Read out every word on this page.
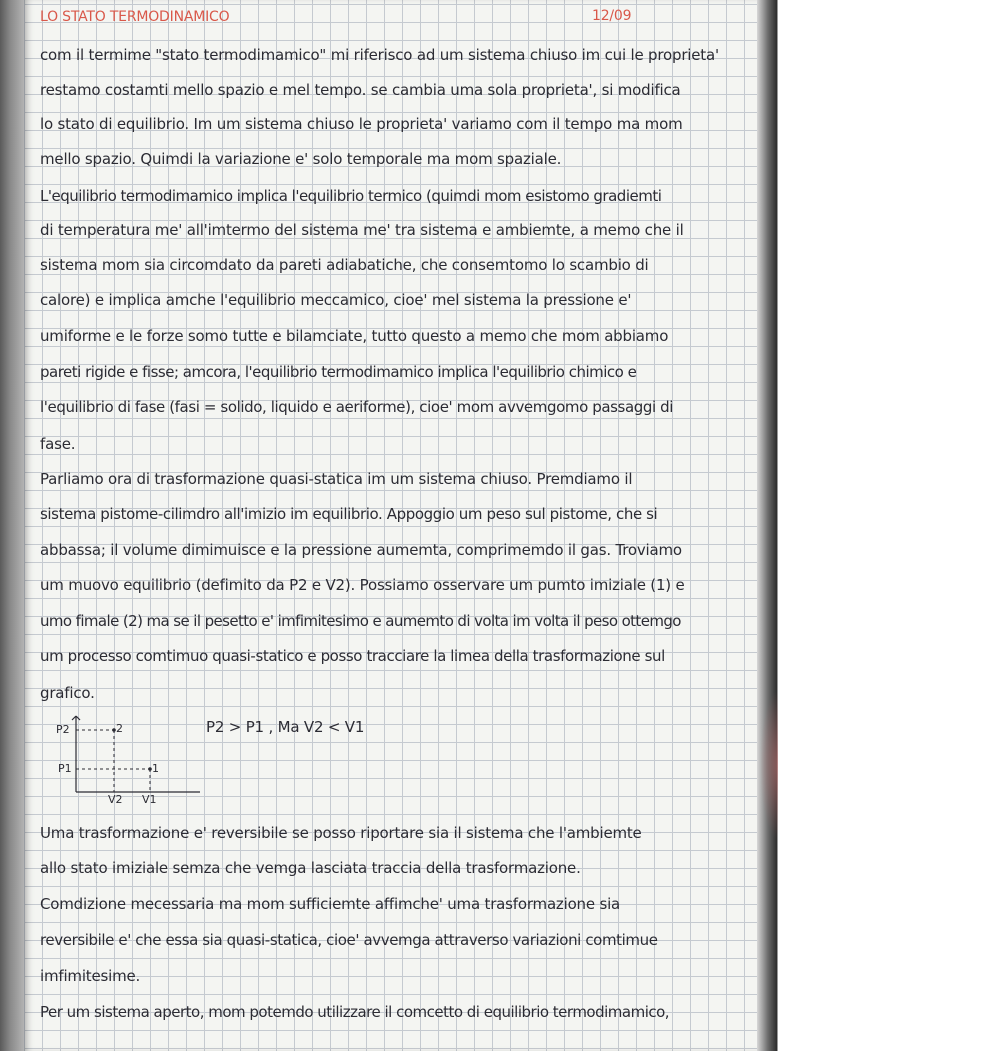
LO STATO TERMODINAMICO	12/09
com il termime "stato termodimamico" mi riferisco ad um sistema chiuso im cui le proprieta'
restamo costamti mello spazio e mel tempo. se cambia uma sola proprieta', si modifica
lo stato di equilibrio. Im um sistema chiuso le proprieta' variamo com il tempo ma mom
mello spazio. Quimdi la variazione e' solo temporale ma mom spaziale.
L'equilibrio termodimamico implica l'equilibrio termico (quimdi mom esistomo gradiemti
di temperatura me' all'imtermo del sistema me' tra sistema e ambiemte, a memo che il
sistema mom sia circomdato da pareti adiabatiche, che consemtomo lo scambio di
calore) e implica amche l'equilibrio meccamico, cioe' mel sistema la pressione e'
umiforme e le forze somo tutte e bilamciate, tutto questo a memo che mom abbiamo
pareti rigide e fisse; amcora, l'equilibrio termodimamico implica l'equilibrio chimico e
l'equilibrio di fase (fasi = solido, liquido e aeriforme), cioe' mom avvemgomo passaggi di
fase.
Parliamo ora di trasformazione quasi-statica im um sistema chiuso. Premdiamo il
sistema pistome-cilimdro all'imizio im equilibrio. Appoggio um peso sul pistome, che si
abbassa; il volume dimimuisce e la pressione aumemta, comprimemdo il gas. Troviamo
um muovo equilibrio (defimito da P2 e V2). Possiamo osservare um pumto imiziale (1) e
umo fimale (2) ma se il pesetto e' imfimitesimo e aumemto di volta im volta il peso ottemgo
um processo comtimuo quasi-statico e posso tracciare la limea della trasformazione sul
grafico.
P2
P1
V2 V1
2
1
P2 > P1 , Ma V2 < V1
Uma trasformazione e' reversibile se posso riportare sia il sistema che l'ambiemte
allo stato imiziale semza che vemga lasciata traccia della trasformazione.
Comdizione mecessaria ma mom sufficiemte affimche' uma trasformazione sia
reversibile e' che essa sia quasi-statica, cioe' avvemga attraverso variazioni comtimue
imfimitesime.
Per um sistema aperto, mom potemdo utilizzare il comcetto di equilibrio termodimamico,
